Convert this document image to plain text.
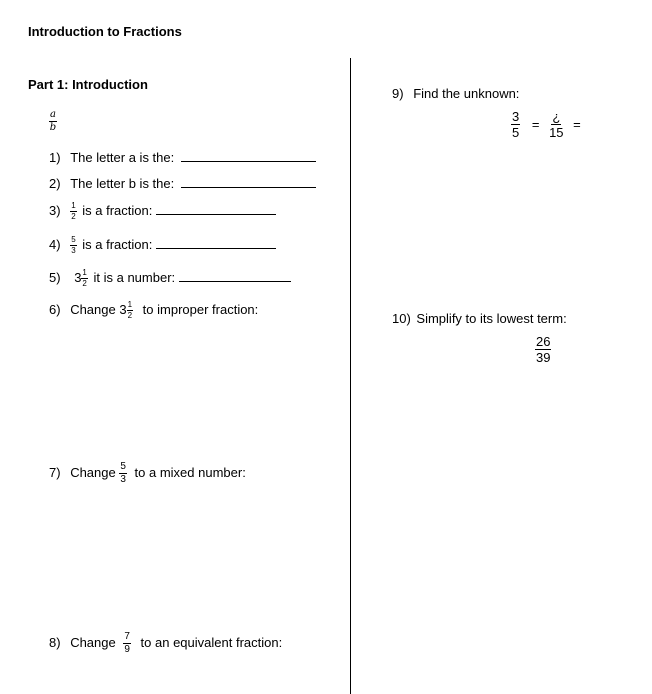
Introduction to Fractions
Part 1: Introduction
$\frac{a}{b}$
1) The letter a is the:
2) The letter b is the:
$3) \frac{1}{2}$ is a fraction:
$4) \frac{5}{3}$ is a fraction:
5) $3 \frac{1}{2}$ it is a number:
6) Change $3 \frac{1}{2}$ to improper fraction:
7) Change $\frac{5}{3}$ to a mixed number:
8) Change $\frac{7}{9}$ to an equivalent fraction:
9) Find the unknown:
$\frac{3}{5} = \frac{¿}{15}$ =
10) Simplify to its lowest term:
$\frac{26}{39}$
